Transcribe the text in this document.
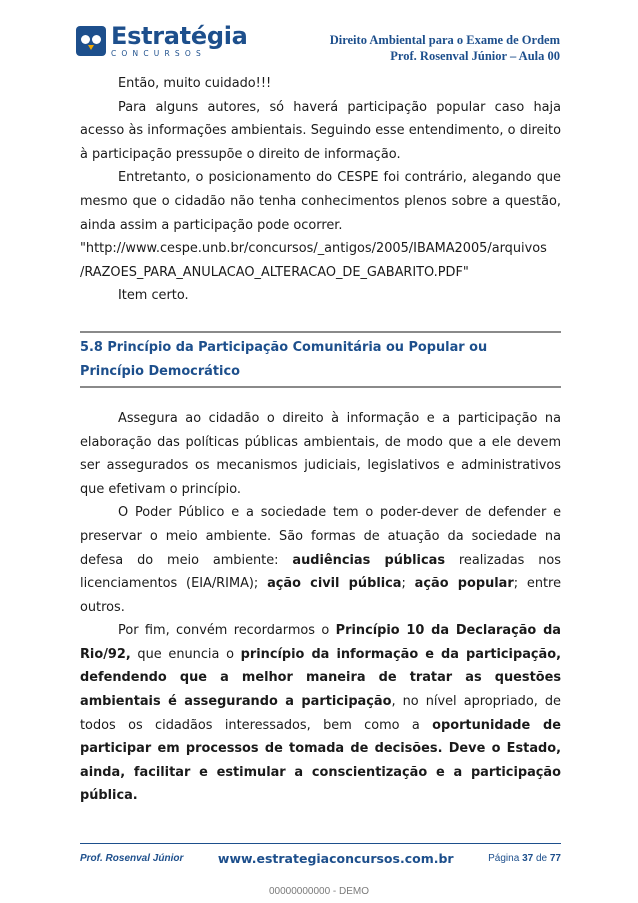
Estratégia
CONCURSOS
Direito Ambiental para o Exame de Ordem
Prof. Rosenval Júnior – Aula 00

Então, muito cuidado!!!

Para alguns autores, só haverá participação popular caso haja acesso às informações ambientais. Seguindo esse entendimento, o direito à participação pressupõe o direito de informação.

Entretanto, o posicionamento do CESPE foi contrário, alegando que mesmo que o cidadão não tenha conhecimentos plenos sobre a questão, ainda assim a participação pode ocorrer.

"http://www.cespe.unb.br/concursos/_antigos/2005/IBAMA2005/arquivos

/RAZOES_PARA_ANULACAO_ALTERACAO_DE_GABARITO.PDF"

Item certo.

5.8 Princípio da Participação Comunitária ou Popular ou
Princípio Democrático

Assegura ao cidadão o direito à informação e a participação na elaboração das políticas públicas ambientais, de modo que a ele devem ser assegurados os mecanismos judiciais, legislativos e administrativos que efetivam o princípio.

O Poder Público e a sociedade tem o poder-dever de defender e preservar o meio ambiente. São formas de atuação da sociedade na defesa do meio ambiente: audiências públicas realizadas nos licenciamentos (EIA/RIMA); ação civil pública; ação popular; entre outros.

Por fim, convém recordarmos o Princípio 10 da Declaração da Rio/92, que enuncia o princípio da informação e da participação, defendendo que a melhor maneira de tratar as questões ambientais é assegurando a participação, no nível apropriado, de todos os cidadãos interessados, bem como a oportunidade de participar em processos de tomada de decisões. Deve o Estado, ainda, facilitar e estimular a conscientização e a participação pública.

Prof. Rosenval Júnior	www.estrategiaconcursos.com.br	Página 37 de 77
00000000000 - DEMO
